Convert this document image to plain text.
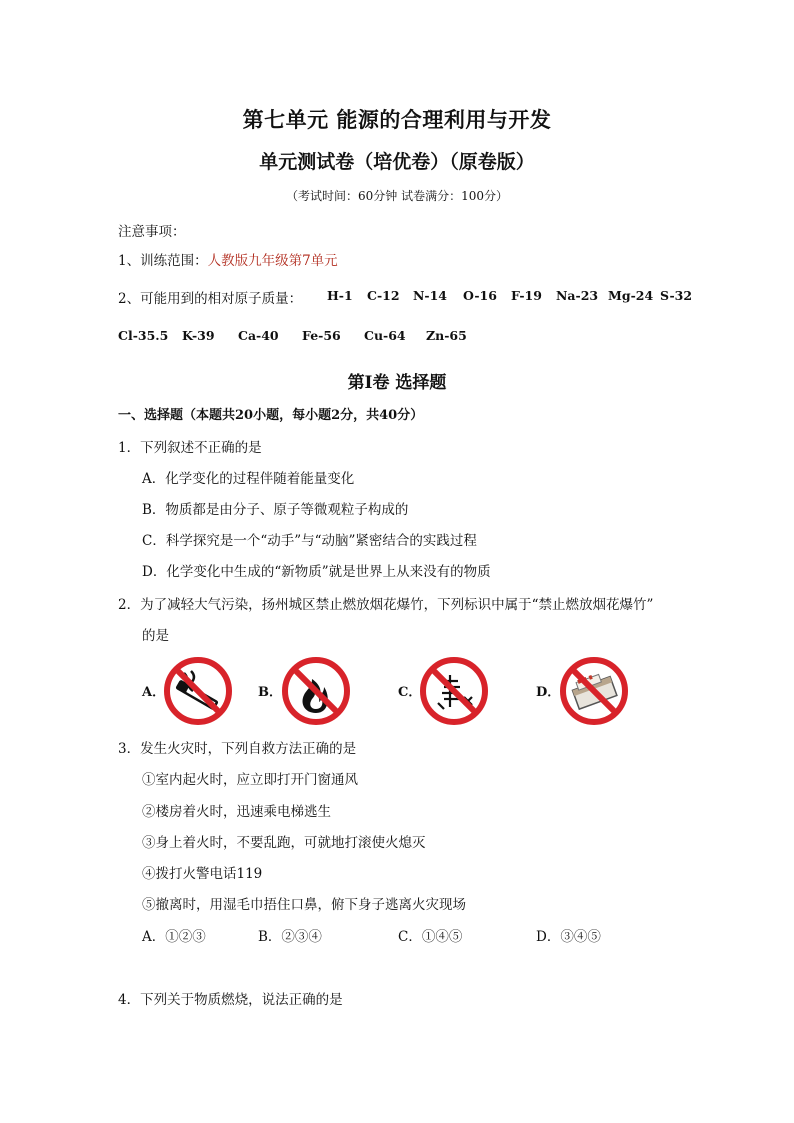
第七单元 能源的合理利用与开发
单元测试卷（培优卷）（原卷版）
（考试时间：60分钟 试卷满分：100分）
注意事项：
1、训练范围：人教版九年级第7单元
2、可能用到的相对原子质量： H-1 C-12 N-14 O-16 F-19 Na-23 Mg-24 S-32
Cl-35.5 K-39 Ca-40 Fe-56 Cu-64 Zn-65
第Ⅰ卷 选择题
一、选择题（本题共20小题，每小题2分，共40分）
1．下列叙述不正确的是
A．化学变化的过程伴随着能量变化
B．物质都是由分子、原子等微观粒子构成的
C．科学探究是一个“动手”与“动脑”紧密结合的实践过程
D．化学变化中生成的“新物质”就是世界上从来没有的物质
2．为了减轻大气污染，扬州城区禁止燃放烟花爆竹，下列标识中属于“禁止燃放烟花爆竹”
的是
A．	B．	C．	D．
3．发生火灾时，下列自救方法正确的是
①室内起火时，应立即打开门窗通风
②楼房着火时，迅速乘电梯逃生
③身上着火时，不要乱跑，可就地打滚使火熄灭
④拨打火警电话119
⑤撤离时，用湿毛巾捂住口鼻，俯下身子逃离火灾现场
A．①②③	B．②③④	C．①④⑤	D．③④⑤
4．下列关于物质燃烧，说法正确的是
